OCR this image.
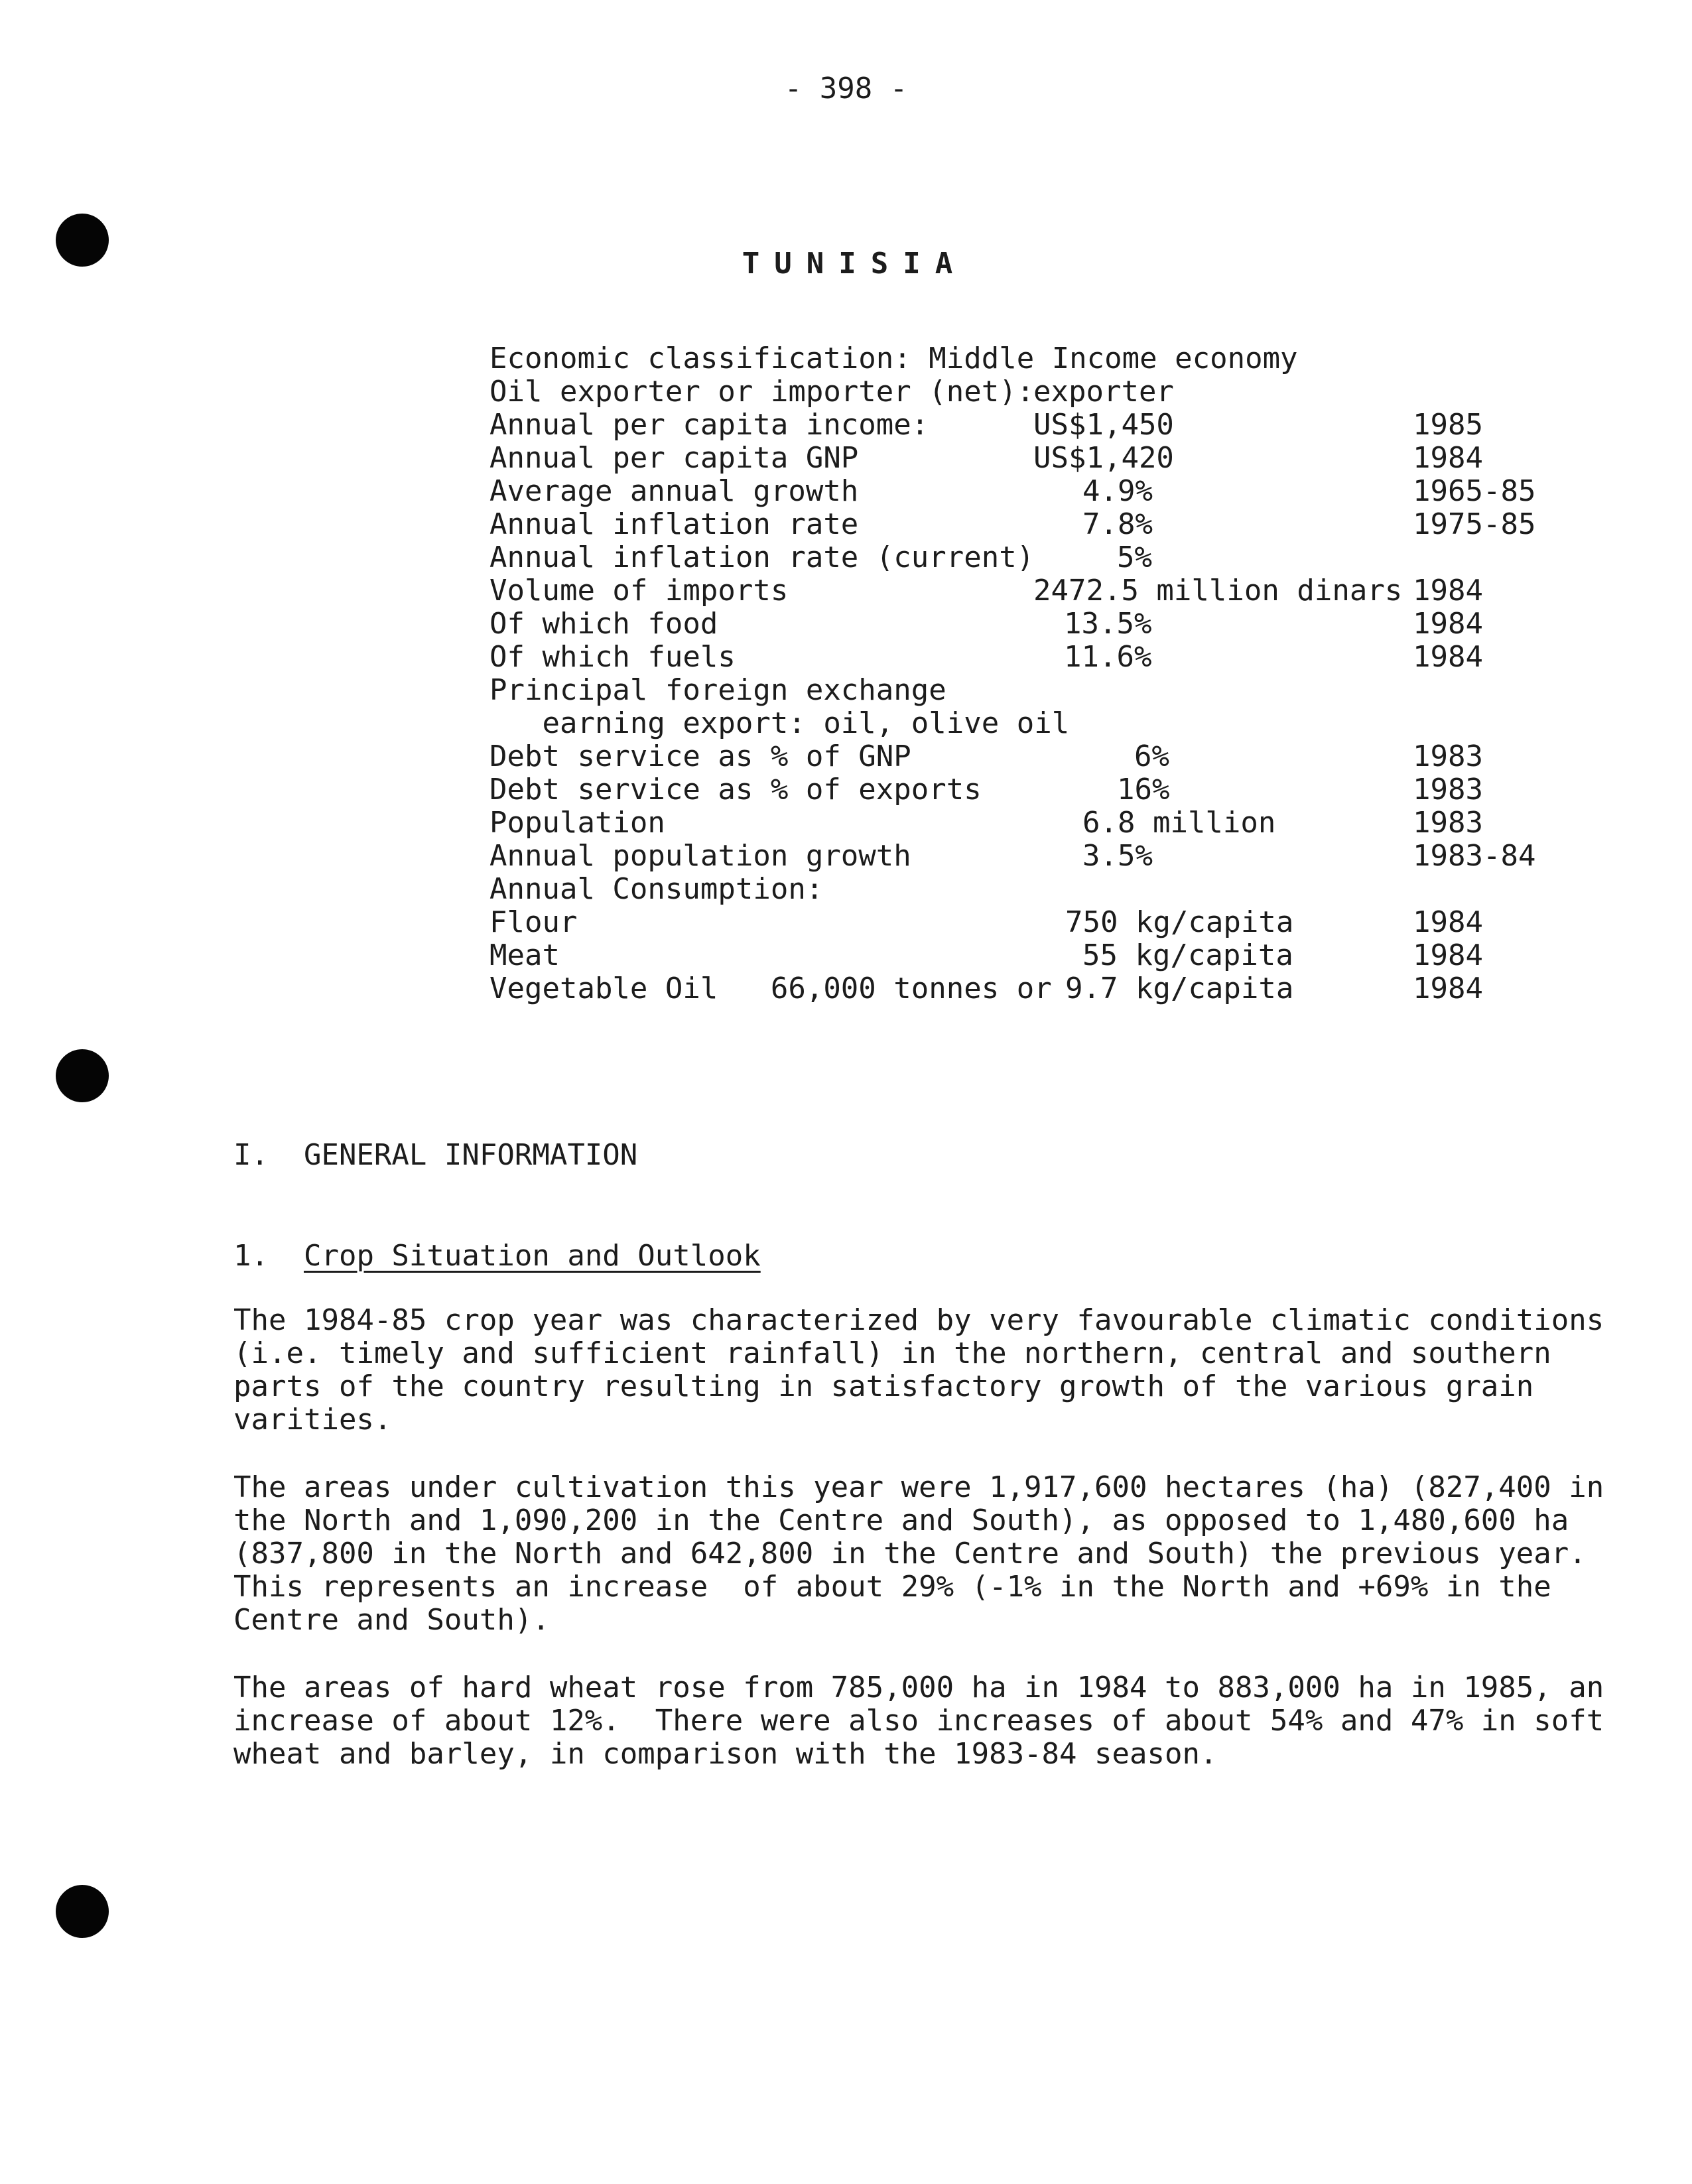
- 398 -
TUNISIA
Economic classification: Middle Income economy
Oil exporter or importer (net):
exporter
Annual per capita income:	US$1,450	1985
Annual per capita GNP	US$1,420	1984
Average annual growth	4.9%	1965-85
Annual inflation rate	7.8%	1975-85
Annual inflation rate (current)	5%
Volume of imports	2472.5 million dinars 1984
Of which food	13.5%	1984
Of which fuels	11.6%	1984
Principal foreign exchange
earning export: oil, olive oil
Debt service as % of GNP	6%	1983
Debt service as % of exports	16%	1983
Population	6.8 million	1983
Annual population growth	3.5%	1983-84
Annual Consumption:
Flour	750 kg/capita	1984
Meat	55 kg/capita	1984
Vegetable Oil   66,000 tonnes or 9.7 kg/capita	1984
I.  GENERAL INFORMATION
1. Crop Situation and Outlook
The 1984-85 crop year was characterized by very favourable climatic conditions
(i.e. timely and sufficient rainfall) in the northern, central and southern
parts of the country resulting in satisfactory growth of the various grain
varities.
The areas under cultivation this year were 1,917,600 hectares (ha) (827,400 in
the North and 1,090,200 in the Centre and South), as opposed to 1,480,600 ha
(837,800 in the North and 642,800 in the Centre and South) the previous year.
This represents an increase  of about 29% (-1% in the North and +69% in the
Centre and South).
The areas of hard wheat rose from 785,000 ha in 1984 to 883,000 ha in 1985, an
increase of about 12%.  There were also increases of about 54% and 47% in soft
wheat and barley, in comparison with the 1983-84 season.
